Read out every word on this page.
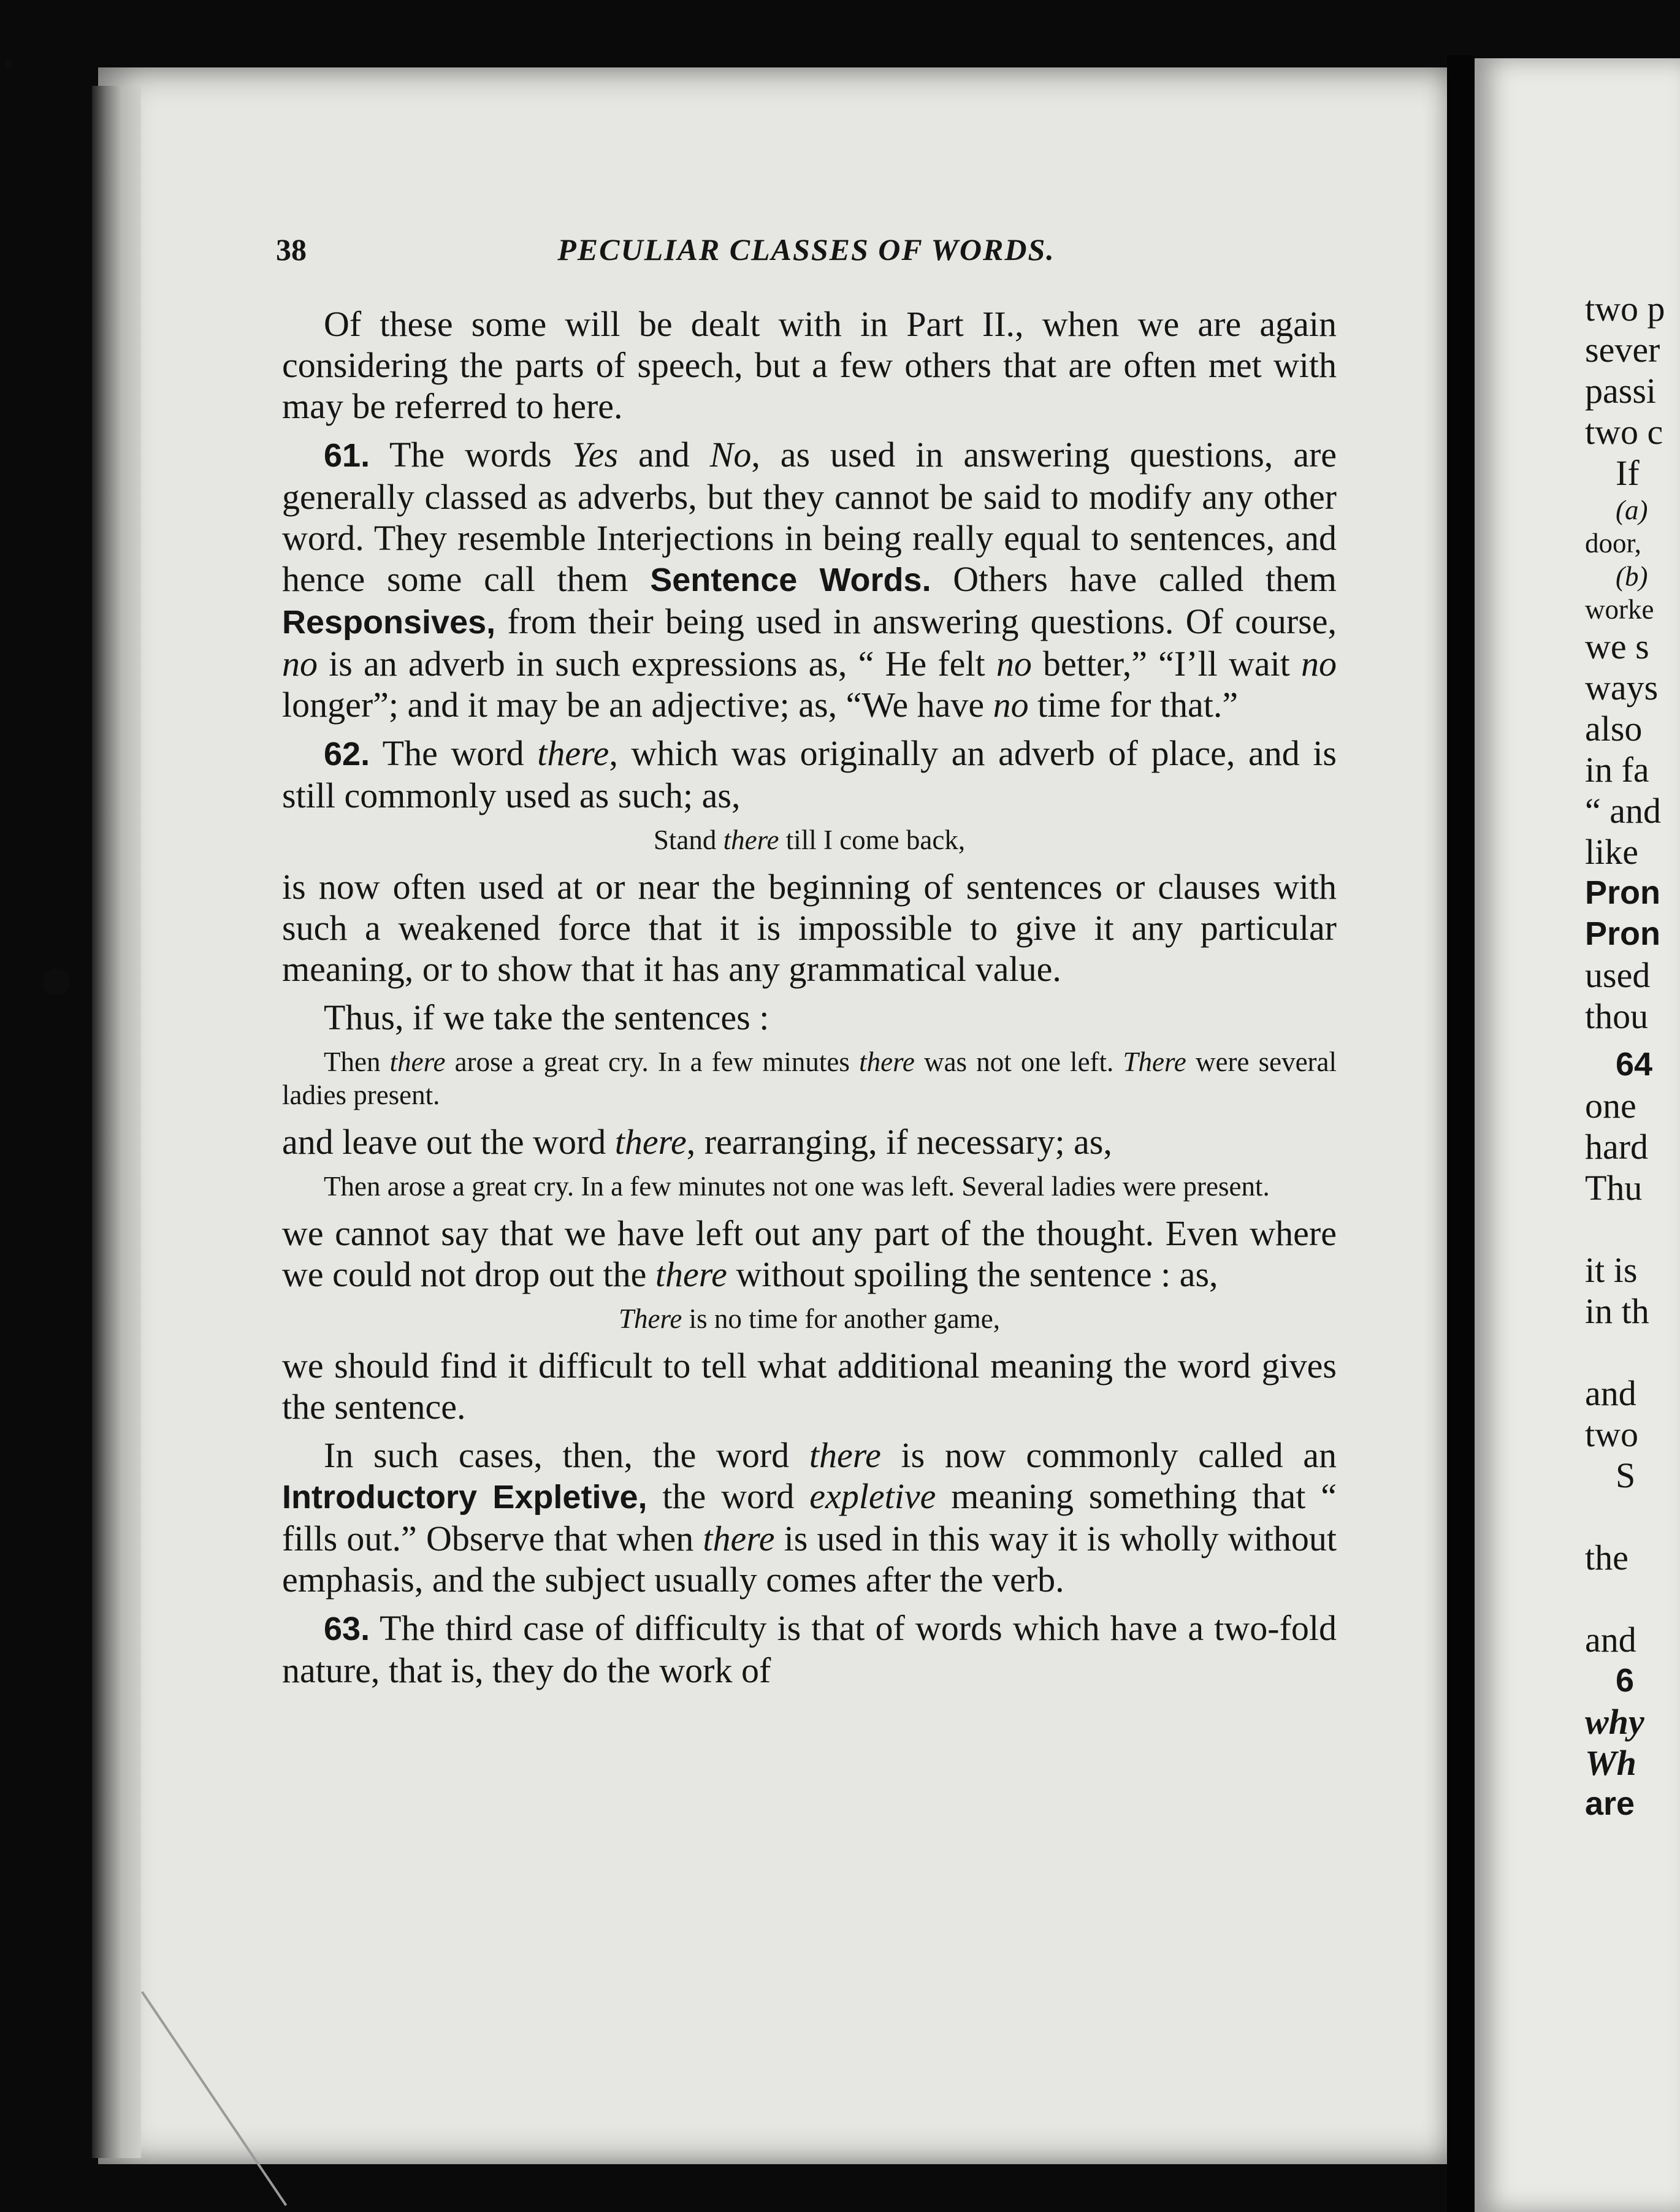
38	PECULIAR CLASSES OF WORDS.

Of these some will be dealt with in Part II., when we are again considering the parts of speech, but a few others that are often met with may be referred to here.

61. The words Yes and No, as used in answering questions, are generally classed as adverbs, but they cannot be said to modify any other word. They resemble Interjections in being really equal to sentences, and hence some call them Sentence Words. Others have called them Responsives, from their being used in answering questions. Of course, no is an adverb in such expressions as, “ He felt no better,” “I’ll wait no longer”; and it may be an adjective; as, “We have no time for that.”

62. The word there, which was originally an adverb of place, and is still commonly used as such; as,

Stand there till I come back,

is now often used at or near the beginning of sentences or clauses with such a weakened force that it is impossible to give it any particular meaning, or to show that it has any grammatical value.

Thus, if we take the sentences :

Then there arose a great cry. In a few minutes there was not one left. There were several ladies present.

and leave out the word there, rearranging, if necessary; as,

Then arose a great cry. In a few minutes not one was left. Several ladies were present.

we cannot say that we have left out any part of the thought. Even where we could not drop out the there without spoiling the sentence : as,

There is no time for another game,

we should find it difficult to tell what additional meaning the word gives the sentence.

In such cases, then, the word there is now commonly called an Introductory Expletive, the word expletive meaning something that “ fills out.” Observe that when there is used in this way it is wholly without emphasis, and the subject usually comes after the verb.

63. The third case of difficulty is that of words which have a two-fold nature, that is, they do the work of

two p
sever
passi
two c
If
(a)
door,
(b)
worke
we s
ways
also
in fa
“ and
like
Pron
Pron
used
thou
64
one
hard
Thu
it is
in th
and
two
S
the
and
6
why
Wh
are
